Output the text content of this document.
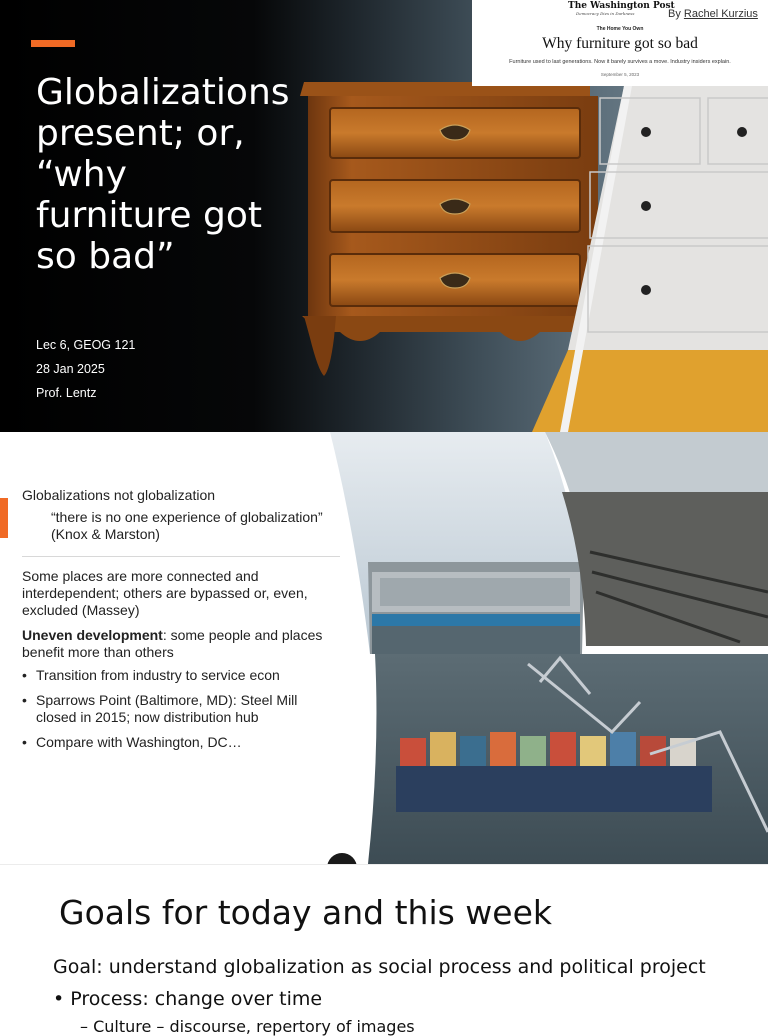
The Washington Post
Democracy Dies in Darkness	By Rachel Kurzius
The Home You Own
Why furniture got so bad
Furniture used to last generations. Now it barely survives a move. Industry insiders explain.
September 5, 2023
Globalizations present; or, “why furniture got so bad”
Lec 6, GEOG 121
28 Jan 2025
Prof. Lentz

Globalizations not globalization

“there is no one experience of globalization” (Knox & Marston)

Some places are more connected and interdependent; others are bypassed or, even, excluded (Massey)

Uneven development: some people and places benefit more than others

• Transition from industry to service econ
• Sparrows Point (Baltimore, MD): Steel Mill closed in 2015; now distribution hub
• Compare with Washington, DC…
Goals for today and this week
Goal: understand globalization as social process and political project
• Process: change over time
– Culture – discourse, repertory of images
